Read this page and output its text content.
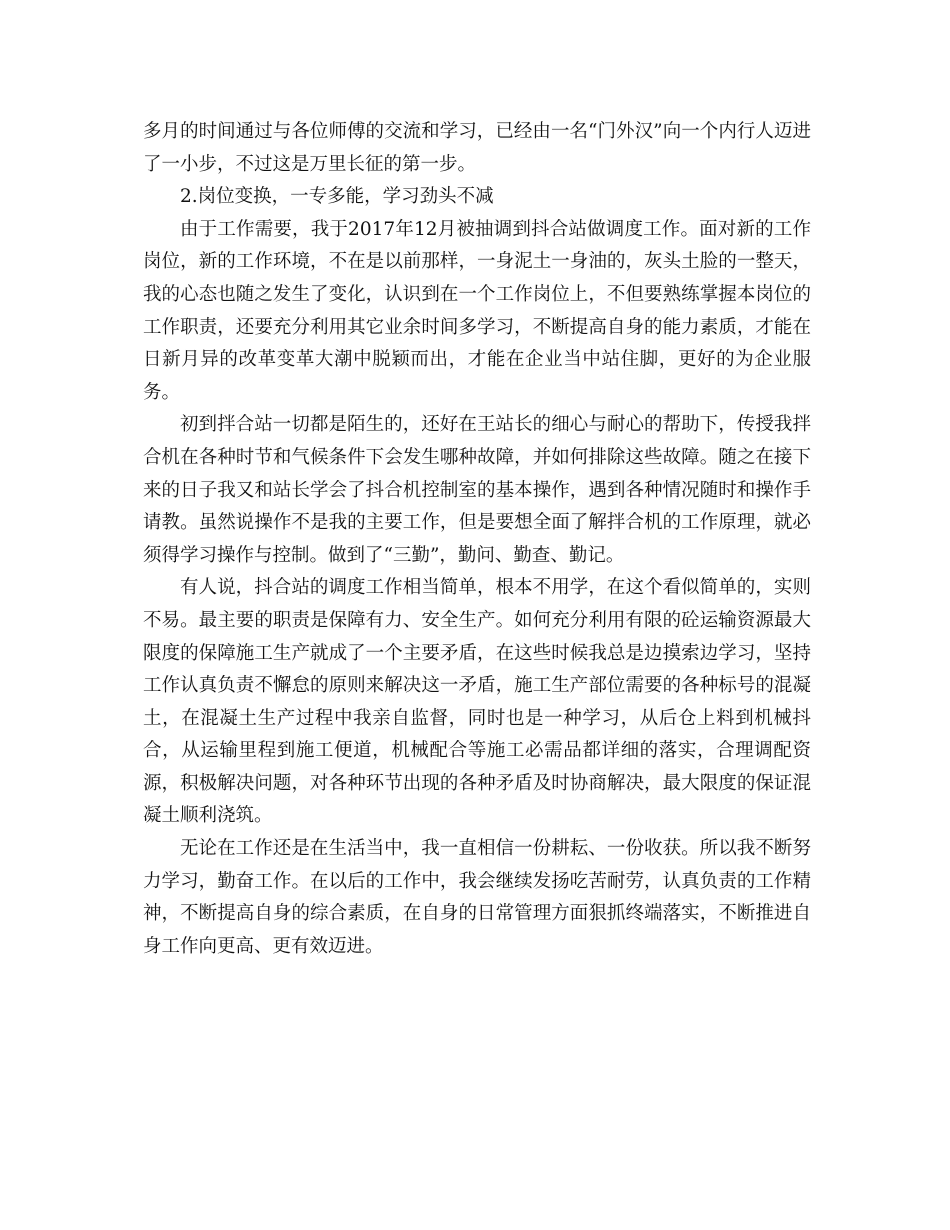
多月的时间通过与各位师傅的交流和学习，已经由一名“门外汉”向一个内行人迈进了一小步，不过这是万里长征的第一步。

2.岗位变换，一专多能，学习劲头不减

由于工作需要，我于2017年12月被抽调到抖合站做调度工作。面对新的工作岗位，新的工作环境，不在是以前那样，一身泥土一身油的，灰头土脸的一整天，我的心态也随之发生了变化，认识到在一个工作岗位上，不但要熟练掌握本岗位的工作职责，还要充分利用其它业余时间多学习，不断提高自身的能力素质，才能在日新月异的改革变革大潮中脱颖而出，才能在企业当中站住脚，更好的为企业服务。

初到拌合站一切都是陌生的，还好在王站长的细心与耐心的帮助下，传授我拌合机在各种时节和气候条件下会发生哪种故障，并如何排除这些故障。随之在接下来的日子我又和站长学会了抖合机控制室的基本操作，遇到各种情况随时和操作手请教。虽然说操作不是我的主要工作，但是要想全面了解拌合机的工作原理，就必须得学习操作与控制。做到了“三勤”，勤问、勤查、勤记。

有人说，抖合站的调度工作相当简单，根本不用学，在这个看似简单的，实则不易。最主要的职责是保障有力、安全生产。如何充分利用有限的砼运输资源最大限度的保障施工生产就成了一个主要矛盾，在这些时候我总是边摸索边学习，坚持工作认真负责不懈怠的原则来解决这一矛盾，施工生产部位需要的各种标号的混凝土，在混凝土生产过程中我亲自监督，同时也是一种学习，从后仓上料到机械抖合，从运输里程到施工便道，机械配合等施工必需品都详细的落实，合理调配资源，积极解决问题，对各种环节出现的各种矛盾及时协商解决，最大限度的保证混凝土顺利浇筑。

无论在工作还是在生活当中，我一直相信一份耕耘、一份收获。所以我不断努力学习，勤奋工作。在以后的工作中，我会继续发扬吃苦耐劳，认真负责的工作精神，不断提高自身的综合素质，在自身的日常管理方面狠抓终端落实，不断推进自身工作向更高、更有效迈进。
